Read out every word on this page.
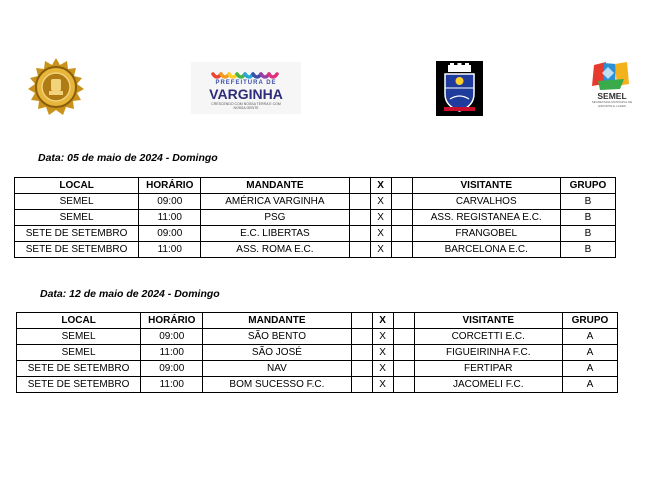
PREFEITURA DE
VARGINHA
CRESCENDO COM NOSSA TERRA E COM NOSSA GENTE
SEMEL
SECRETARIA MUNICIPAL DE ESPORTE E LAZER
Data: 05 de maio de 2024 - Domingo
LOCAL	HORÁRIO	MANDANTE		X		VISITANTE	GRUPO
SEMEL	09:00	AMÉRICA VARGINHA		X		CARVALHOS	B
SEMEL	11:00	PSG		X		ASS. REGISTANEA E.C.	B
SETE DE SETEMBRO	09:00	E.C. LIBERTAS		X		FRANGOBEL	B
SETE DE SETEMBRO	11:00	ASS. ROMA E.C.		X		BARCELONA E.C.	B
Data: 12 de maio de 2024 - Domingo
LOCAL	HORÁRIO	MANDANTE		X		VISITANTE	GRUPO
SEMEL	09:00	SÃO BENTO		X		CORCETTI E.C.	A
SEMEL	11:00	SÃO JOSÉ		X		FIGUEIRINHA F.C.	A
SETE DE SETEMBRO	09:00	NAV		X		FERTIPAR	A
SETE DE SETEMBRO	11:00	BOM SUCESSO F.C.		X		JACOMELI F.C.	A
